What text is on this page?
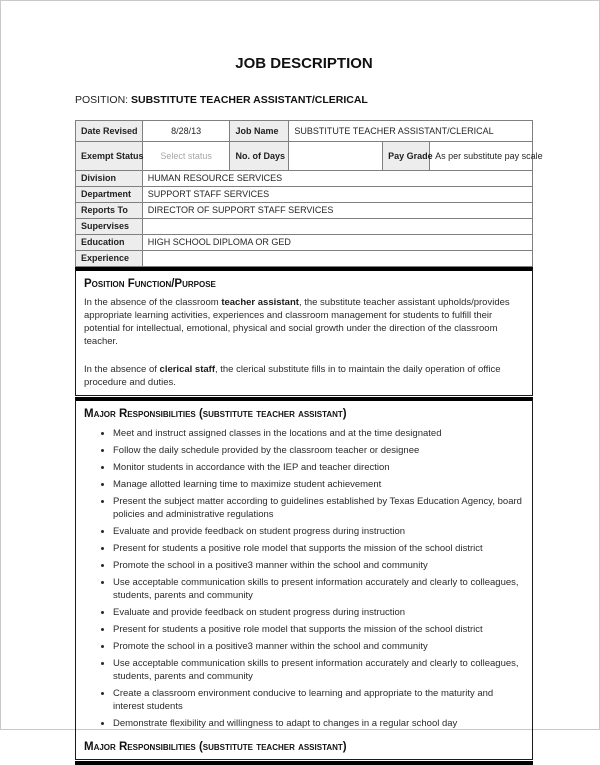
JOB DESCRIPTION
POSITION: SUBSTITUTE TEACHER ASSISTANT/CLERICAL
Date Revised	8/28/13	Job Name	SUBSTITUTE TEACHER ASSISTANT/CLERICAL		
Exempt Status	Select status	No. of Days		Pay Grade	As per substitute pay scale
Division	HUMAN RESOURCE SERVICES				
Department	SUPPORT STAFF SERVICES				
Reports To	DIRECTOR OF SUPPORT STAFF SERVICES				
Supervises					
Education	HIGH SCHOOL DIPLOMA OR GED				
Experience					
Position Function/Purpose

In the absence of the classroom teacher assistant, the substitute teacher assistant upholds/provides appropriate learning activities, experiences and classroom management for students to fulfill their potential for intellectual, emotional, physical and social growth under the direction of the classroom teacher.

In the absence of clerical staff, the clerical substitute fills in to maintain the daily operation of office procedure and duties.

Major Responsibilities (substitute teacher assistant)
• Meet and instruct assigned classes in the locations and at the time designated
• Follow the daily schedule provided by the classroom teacher or designee
• Monitor students in accordance with the IEP and teacher direction
• Manage allotted learning time to maximize student achievement
• Present the subject matter according to guidelines established by Texas Education Agency, board policies and administrative regulations
• Evaluate and provide feedback on student progress during instruction
• Present for students a positive role model that supports the mission of the school district
• Promote the school in a positive3 manner within the school and community
• Use acceptable communication skills to present information accurately and clearly to colleagues, students, parents and community
• Evaluate and provide feedback on student progress during instruction
• Present for students a positive role model that supports the mission of the school district
• Promote the school in a positive3 manner within the school and community
• Use acceptable communication skills to present information accurately and clearly to colleagues, students, parents and community
• Create a classroom environment conducive to learning and appropriate to the maturity and interest students
• Demonstrate flexibility and willingness to adapt to changes in a regular school day
Major Responsibilities (substitute teacher assistant)
